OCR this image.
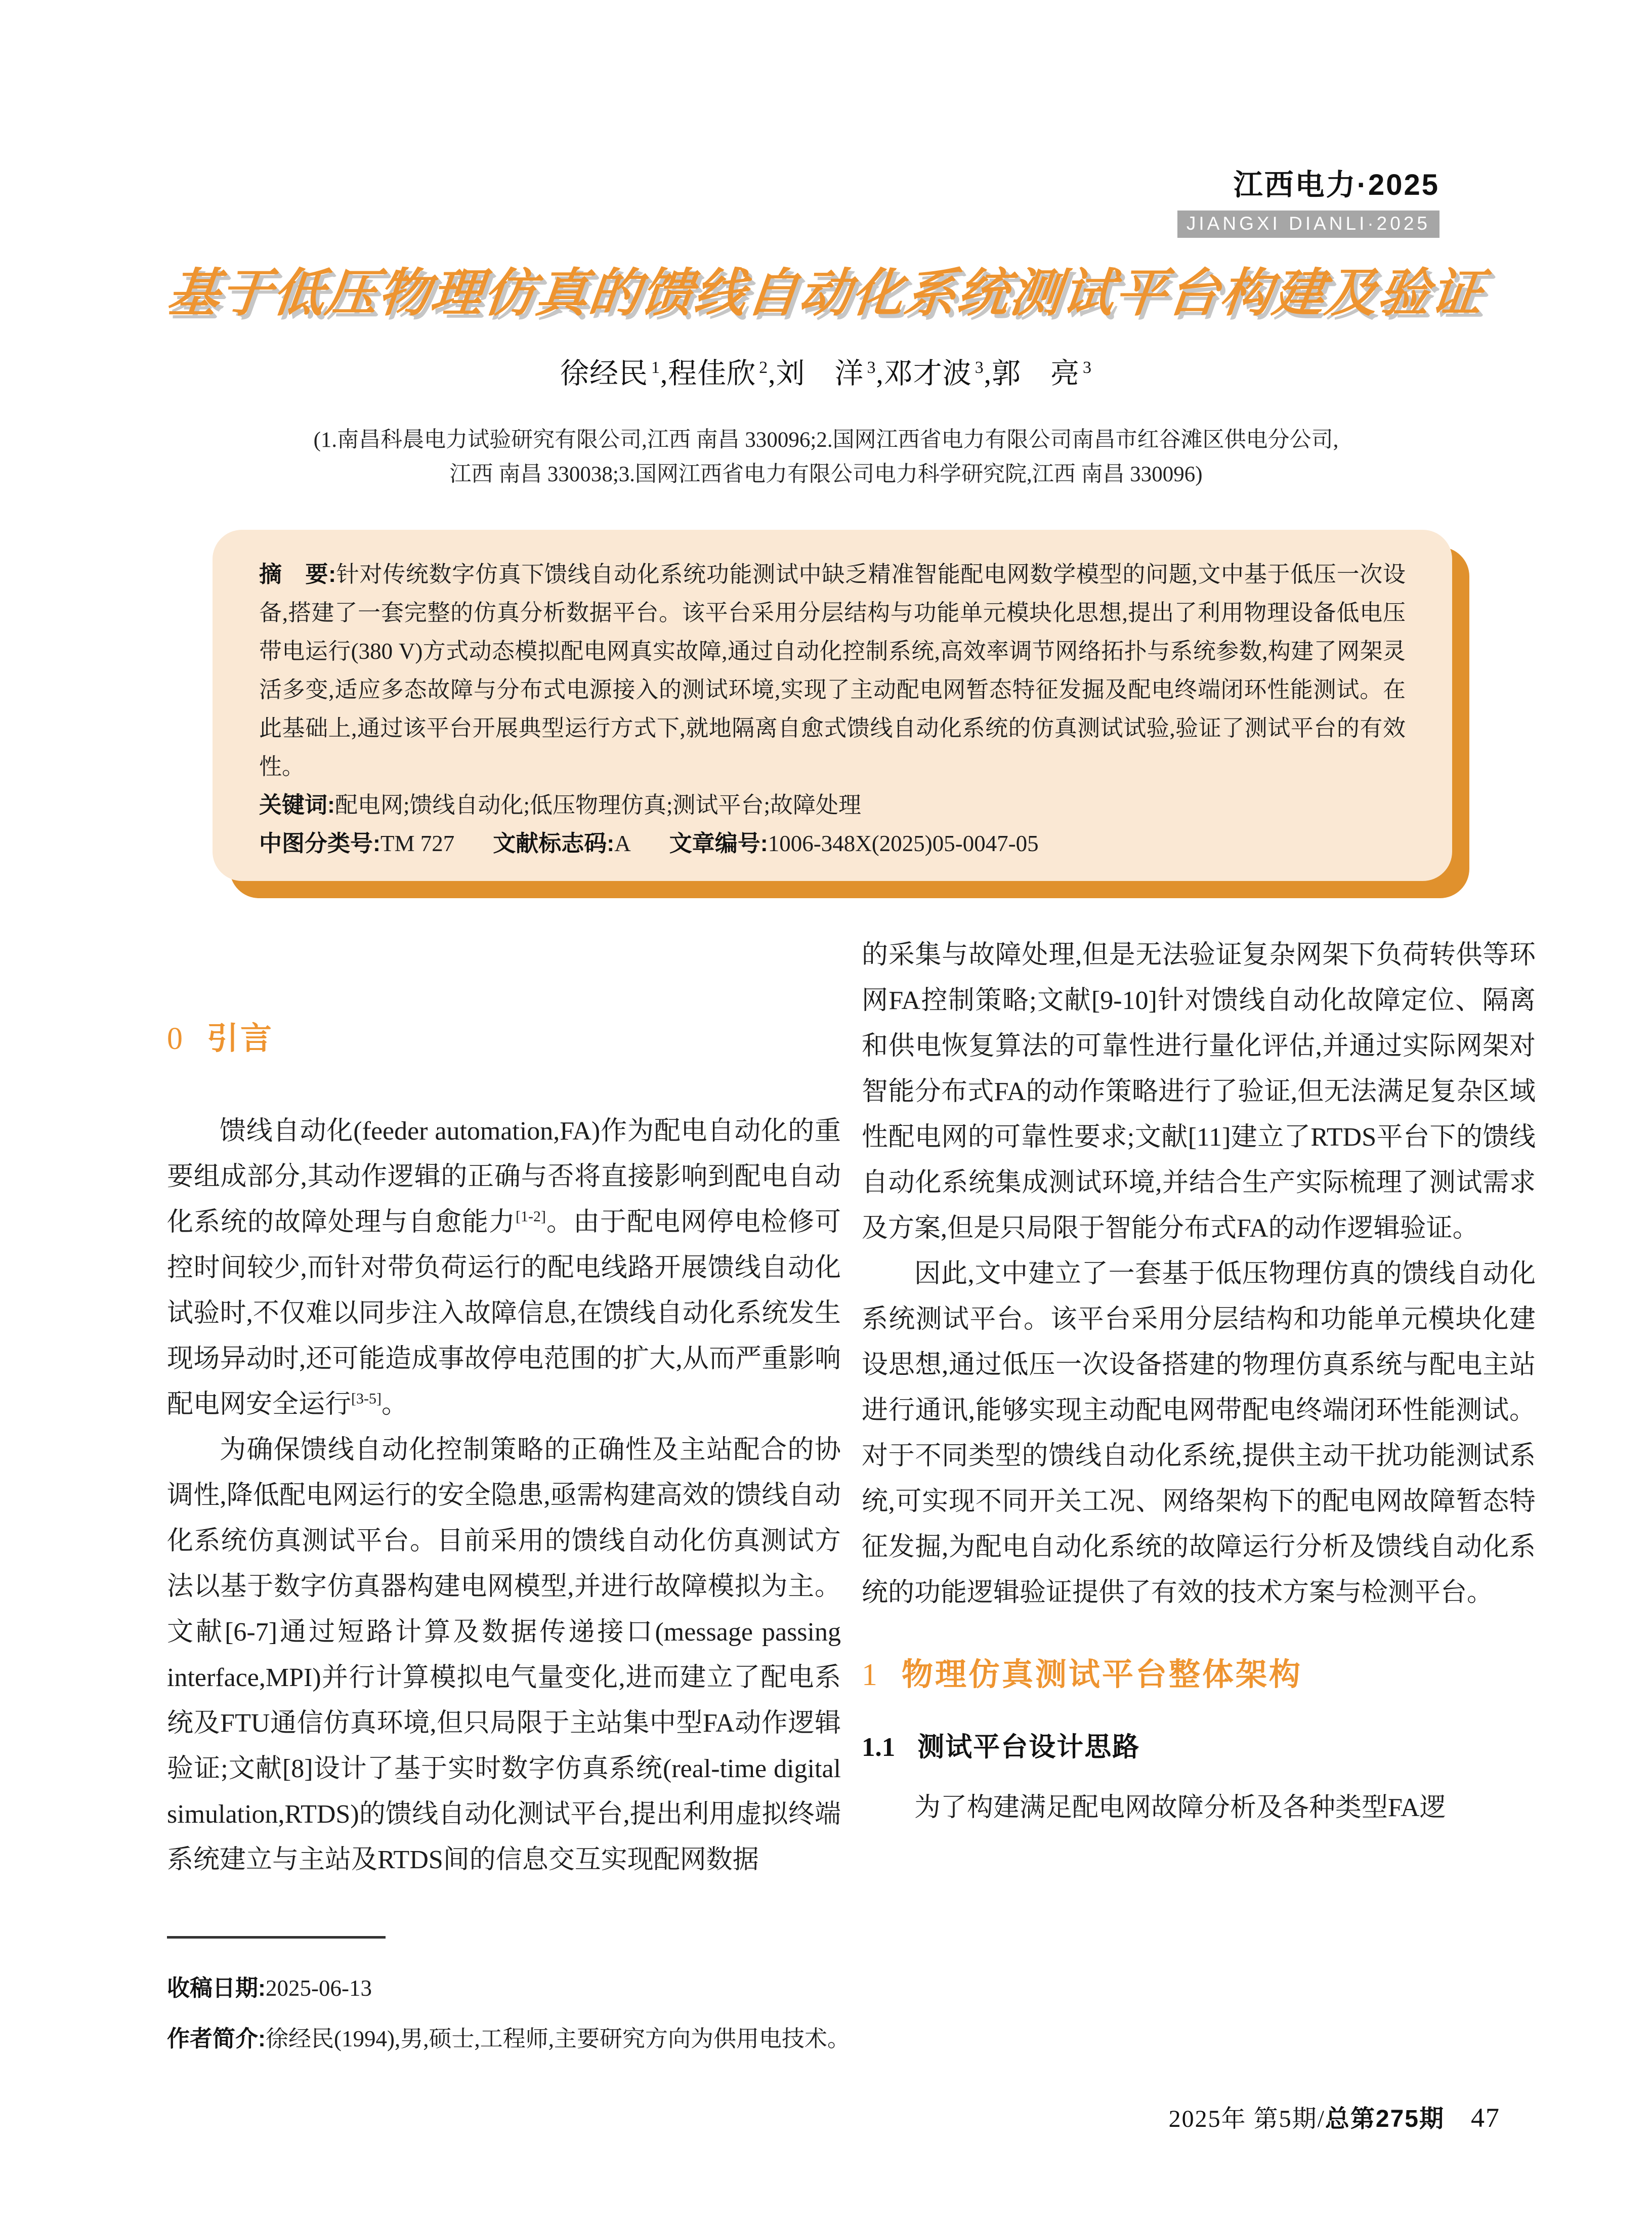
江西电力·2025
JIANGXI DIANLI·2025
基于低压物理仿真的馈线自动化系统测试平台构建及验证
徐经民 $^1$,程佳欣 $^2$,刘　洋 $^3$,邓才波 $^3$,郭　亮 $^3$
(1.南昌科晨电力试验研究有限公司,江西 南昌 330096;2.国网江西省电力有限公司南昌市红谷滩区供电分公司,
江西 南昌 330038;3.国网江西省电力有限公司电力科学研究院,江西 南昌 330096)

摘　要:针对传统数字仿真下馈线自动化系统功能测试中缺乏精准智能配电网数学模型的问题,文中基于低压一次设备,搭建了一套完整的仿真分析数据平台。该平台采用分层结构与功能单元模块化思想,提出了利用物理设备低电压带电运行(380 V)方式动态模拟配电网真实故障,通过自动化控制系统,高效率调节网络拓扑与系统参数,构建了网架灵活多变,适应多态故障与分布式电源接入的测试环境,实现了主动配电网暂态特征发掘及配电终端闭环性能测试。在此基础上,通过该平台开展典型运行方式下,就地隔离自愈式馈线自动化系统的仿真测试试验,验证了测试平台的有效性。

关键词:配电网;馈线自动化;低压物理仿真;测试平台;故障处理

中图分类号:TM 727 文献标志码:A 文章编号:1006-348X(2025)05-0047-05

0 引言

馈线自动化(feeder automation,FA)作为配电自动化的重要组成部分,其动作逻辑的正确与否将直接影响到配电自动化系统的故障处理与自愈能力[1-2]。由于配电网停电检修可控时间较少,而针对带负荷运行的配电线路开展馈线自动化试验时,不仅难以同步注入故障信息,在馈线自动化系统发生现场异动时,还可能造成事故停电范围的扩大,从而严重影响配电网安全运行[3-5]。

为确保馈线自动化控制策略的正确性及主站配合的协调性,降低配电网运行的安全隐患,亟需构建高效的馈线自动化系统仿真测试平台。目前采用的馈线自动化仿真测试方法以基于数字仿真器构建电网模型,并进行故障模拟为主。文献[6-7]通过短路计算及数据传递接口(message passing interface,MPI)并行计算模拟电气量变化,进而建立了配电系统及FTU通信仿真环境,但只局限于主站集中型FA动作逻辑验证;文献[8]设计了基于实时数字仿真系统(real-time digital simulation,RTDS)的馈线自动化测试平台,提出利用虚拟终端系统建立与主站及RTDS间的信息交互实现配网数据

的采集与故障处理,但是无法验证复杂网架下负荷转供等环网FA控制策略;文献[9-10]针对馈线自动化故障定位、隔离和供电恢复算法的可靠性进行量化评估,并通过实际网架对智能分布式FA的动作策略进行了验证,但无法满足复杂区域性配电网的可靠性要求;文献[11]建立了RTDS平台下的馈线自动化系统集成测试环境,并结合生产实际梳理了测试需求及方案,但是只局限于智能分布式FA的动作逻辑验证。

因此,文中建立了一套基于低压物理仿真的馈线自动化系统测试平台。该平台采用分层结构和功能单元模块化建设思想,通过低压一次设备搭建的物理仿真系统与配电主站进行通讯,能够实现主动配电网带配电终端闭环性能测试。对于不同类型的馈线自动化系统,提供主动干扰功能测试系统,可实现不同开关工况、网络架构下的配电网故障暂态特征发掘,为配电自动化系统的故障运行分析及馈线自动化系统的功能逻辑验证提供了有效的技术方案与检测平台。

1 物理仿真测试平台整体架构
1.1 测试平台设计思路

为了构建满足配电网故障分析及各种类型FA逻

收稿日期:2025-06-13

作者简介:徐经民(1994),男,硕士,工程师,主要研究方向为供用电技术。

2025年 第5期/总第275期 47
